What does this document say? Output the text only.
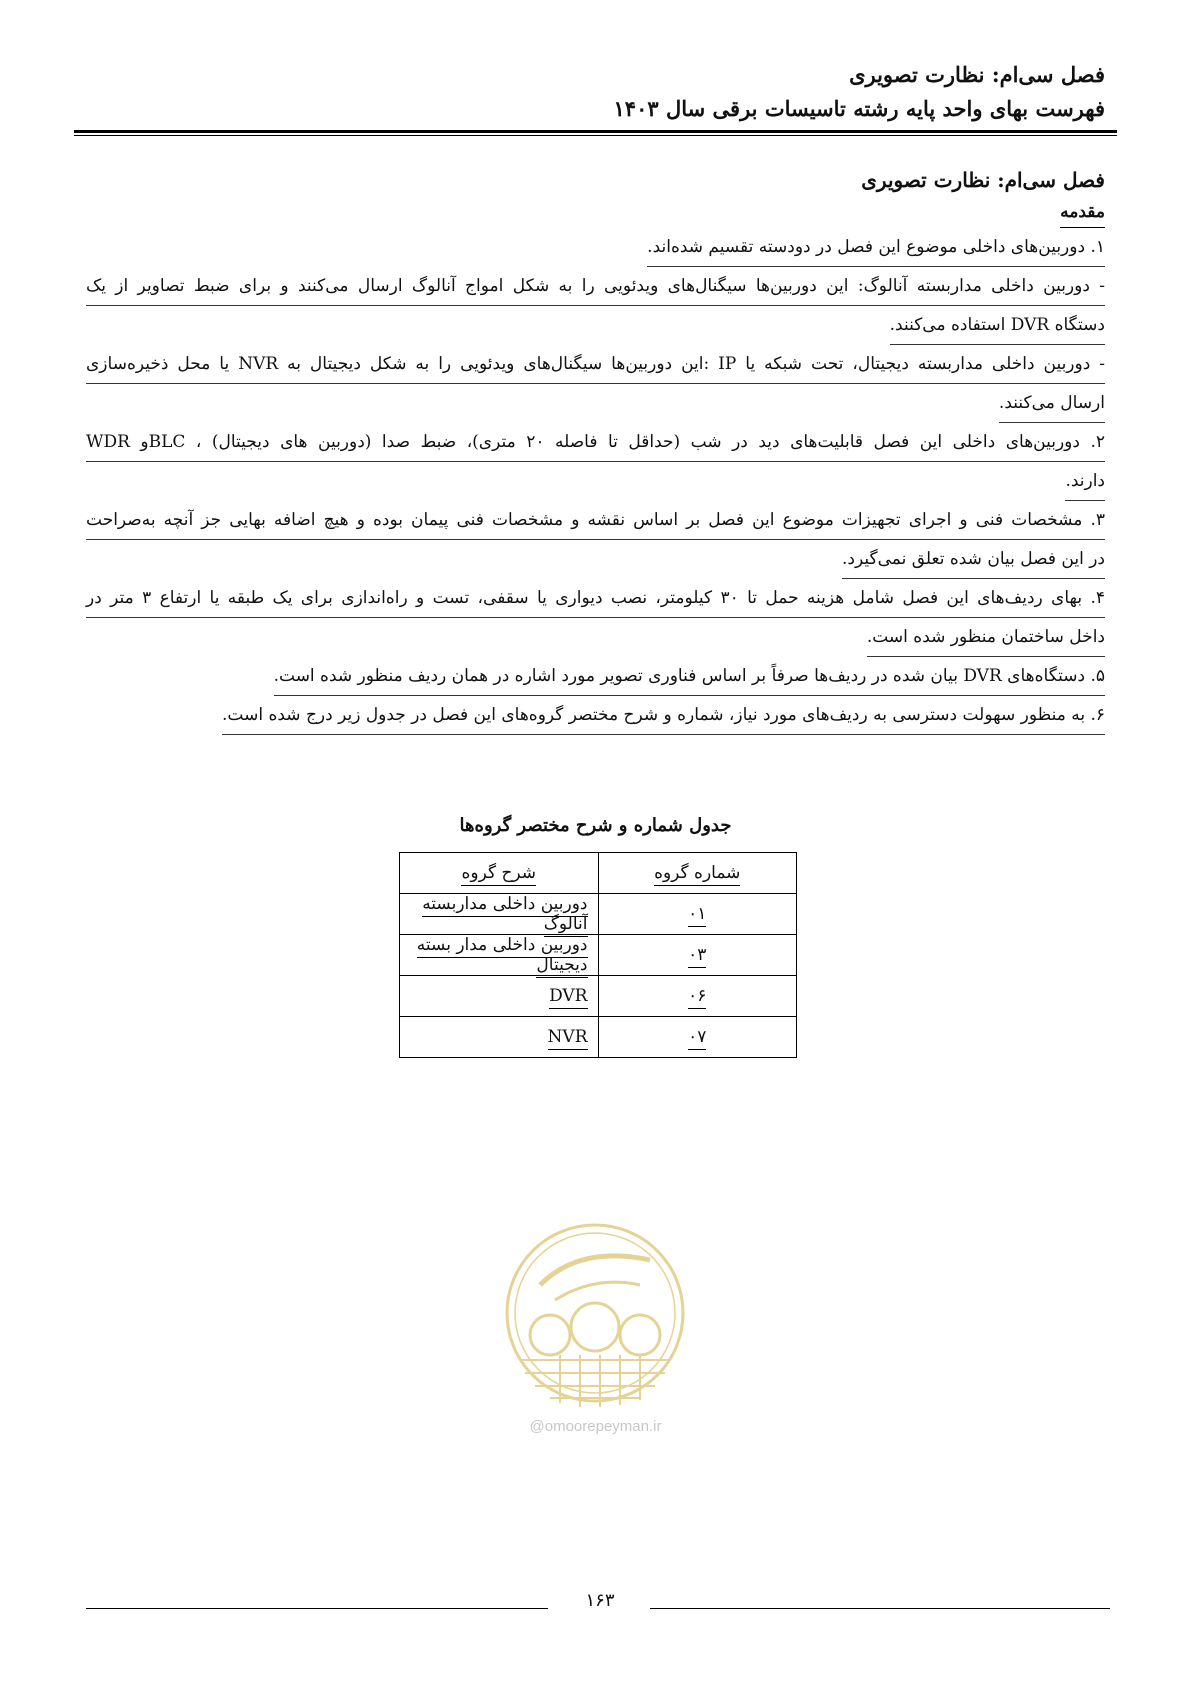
فصل سی‌ام: نظارت تصویری
فهرست بهای واحد پایه رشته تاسیسات برقی سال ۱۴۰۳
فصل سی‌ام: نظارت تصویری
مقدمه
۱. دوربین‌های داخلی موضوع این فصل در دودسته تقسیم شده‌اند.
- دوربین داخلی مداربسته آنالوگ: این دوربین‌ها سیگنال‌های ویدئویی را به شکل امواج آنالوگ ارسال می‌کنند و برای ضبط تصاویر از یک
دستگاه DVR استفاده می‌کنند.
- دوربین داخلی مداربسته دیجیتال، تحت شبکه یا IP :این دوربین‌ها سیگنال‌های ویدئویی را به شکل دیجیتال به NVR یا محل ذخیره‌سازی
ارسال می‌کنند.
۲. دوربین‌های داخلی این فصل قابلیت‌های دید در شب (حداقل تا فاصله ۲۰ متری)، ضبط صدا (دوربین های دیجیتال) ، BLCو WDR
دارند.
۳. مشخصات فنی و اجرای تجهیزات موضوع این فصل بر اساس نقشه و مشخصات فنی پیمان بوده و هیچ اضافه بهایی جز آنچه به‌صراحت
در این فصل بیان شده تعلق نمی‌گیرد.
۴. بهای ردیف‌های این فصل شامل هزینه حمل تا ۳۰ کیلومتر، نصب دیواری یا سقفی، تست و راه‌اندازی برای یک طبقه یا ارتفاع ۳ متر در
داخل ساختمان منظور شده است.
۵. دستگاه‌های DVR بیان شده در ردیف‌ها صرفاً بر اساس فناوری تصویر مورد اشاره در همان ردیف منظور شده است.
۶. به منظور سهولت دسترسی به ردیف‌های مورد نیاز، شماره و شرح مختصر گروه‌های این فصل در جدول زیر درج شده است.
جدول شماره و شرح مختصر گروه‌ها
شماره گروه	شرح گروه
۰۱	دوربین داخلی مداربسته آنالوگ
۰۳	دوربین داخلی مدار بسته دیجیتال
۰۶	DVR
۰۷	NVR
@omoorepeyman.ir
۱۶۳
